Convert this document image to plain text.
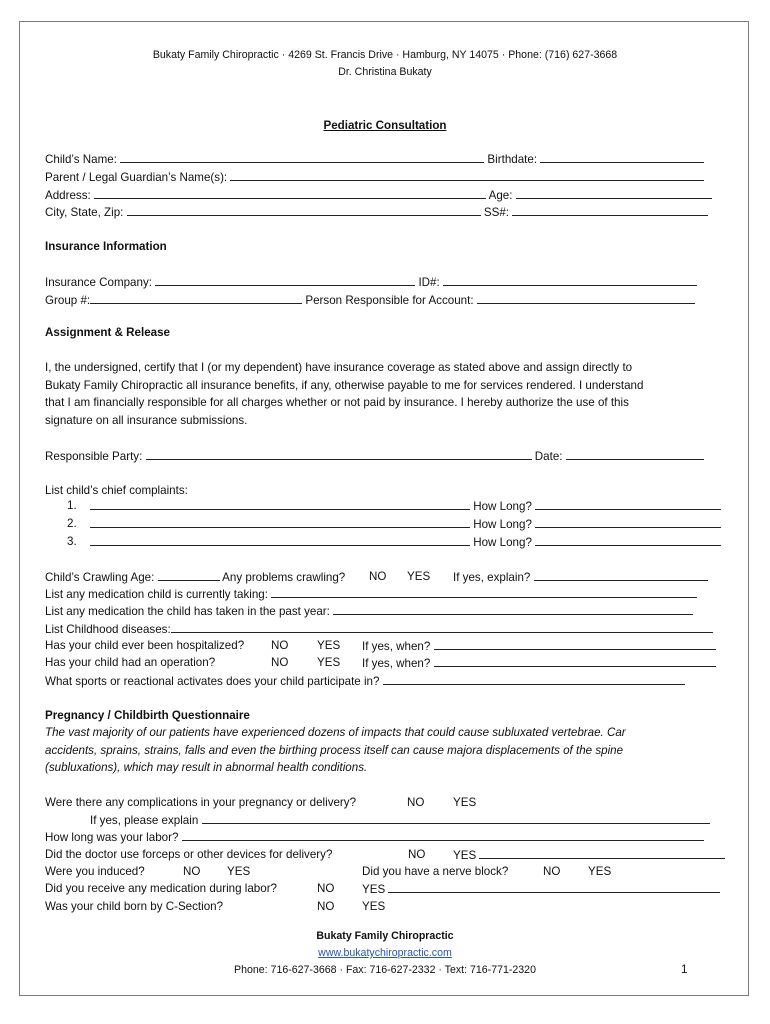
Bukaty Family Chiropractic · 4269 St. Francis Drive · Hamburg, NY 14075 · Phone: (716) 627-3668
Dr. Christina Bukaty
Pediatric Consultation
Child’s Name:	Birthdate:
Parent / Legal Guardian’s Name(s):
Address:	Age:
City, State, Zip:	SS#:
Insurance Information
Insurance Company:	ID#:
Group #:	Person Responsible for Account:
Assignment & Release
I, the undersigned, certify that I (or my dependent) have insurance coverage as stated above and assign directly to
Bukaty Family Chiropractic all insurance benefits, if any, otherwise payable to me for services rendered. I understand
that I am financially responsible for all charges whether or not paid by insurance. I hereby authorize the use of this
signature on all insurance submissions.
Responsible Party:	Date:
List child’s chief complaints:
1.	How Long?
2.	How Long?
3.	How Long?
Child’s Crawling Age:	Any problems crawling? NO YES If yes, explain?
List any medication child is currently taking:
List any medication the child has taken in the past year:
List Childhood diseases:
Has your child ever been hospitalized? NO YES If yes, when?
Has your child had an operation?	NO YES If yes, when?
What sports or reactional activates does your child participate in?
Pregnancy / Childbirth Questionnaire
The vast majority of our patients have experienced dozens of impacts that could cause subluxated vertebrae. Car
accidents, sprains, strains, falls and even the birthing process itself can cause majora displacements of the spine
(subluxations), which may result in abnormal health conditions.
Were there any complications in your pregnancy or delivery?	NO YES
If yes, please explain
How long was your labor?
Did the doctor use forceps or other devices for delivery?	NO YES
Were you induced?	NO YES	Did you have a nerve block?	NO YES
Did you receive any medication during labor?	NO YES
Was your child born by C-Section?	NO YES
Bukaty Family Chiropractic
www.bukatychiropractic.com
Phone: 716-627-3668 · Fax: 716-627-2332 · Text: 716-771-2320	1
